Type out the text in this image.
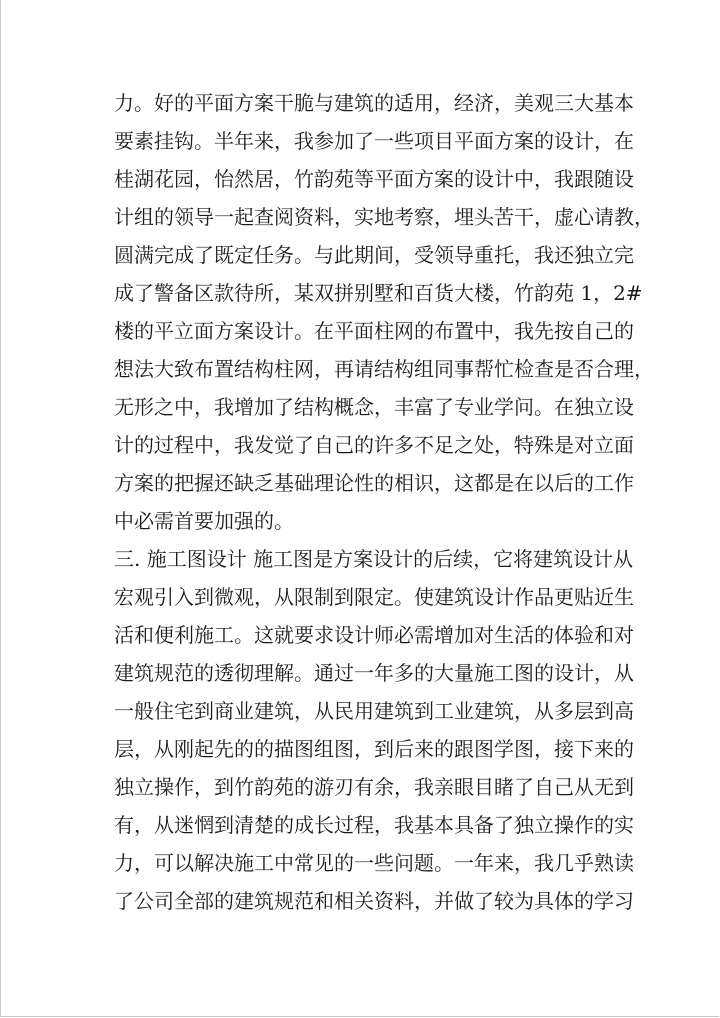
力。好的平面方案干脆与建筑的适用，经济，美观三大基本
要素挂钩。半年来，我参加了一些项目平面方案的设计，在
桂湖花园，怡然居，竹韵苑等平面方案的设计中，我跟随设
计组的领导一起查阅资料，实地考察，埋头苦干，虚心请教，
圆满完成了既定任务。与此期间，受领导重托，我还独立完
成了警备区款待所，某双拼别墅和百货大楼，竹韵苑 1，2#
楼的平立面方案设计。在平面柱网的布置中，我先按自己的
想法大致布置结构柱网，再请结构组同事帮忙检查是否合理，
无形之中，我增加了结构概念，丰富了专业学问。在独立设
计的过程中，我发觉了自己的许多不足之处，特殊是对立面
方案的把握还缺乏基础理论性的相识，这都是在以后的工作
中必需首要加强的。
三. 施工图设计 施工图是方案设计的后续，它将建筑设计从
宏观引入到微观，从限制到限定。使建筑设计作品更贴近生
活和便利施工。这就要求设计师必需增加对生活的体验和对
建筑规范的透彻理解。通过一年多的大量施工图的设计，从
一般住宅到商业建筑，从民用建筑到工业建筑，从多层到高
层，从刚起先的的描图组图，到后来的跟图学图，接下来的
独立操作，到竹韵苑的游刃有余，我亲眼目睹了自己从无到
有，从迷惘到清楚的成长过程，我基本具备了独立操作的实
力，可以解决施工中常见的一些问题。一年来，我几乎熟读
了公司全部的建筑规范和相关资料，并做了较为具体的学习
